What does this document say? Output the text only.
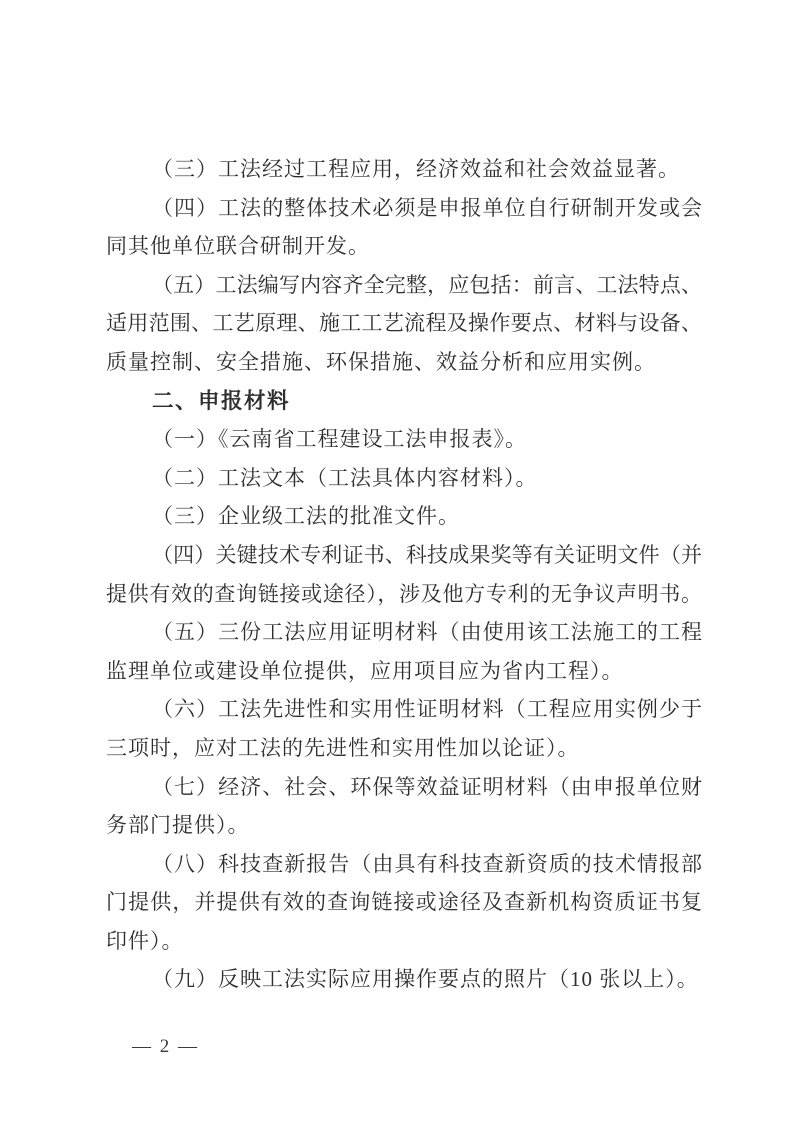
（三）工法经过工程应用，经济效益和社会效益显著。
（四）工法的整体技术必须是申报单位自行研制开发或会
同其他单位联合研制开发。
（五）工法编写内容齐全完整，应包括：前言、工法特点、
适用范围、工艺原理、施工工艺流程及操作要点、材料与设备、
质量控制、安全措施、环保措施、效益分析和应用实例。
二、申报材料
（一）《云南省工程建设工法申报表》。
（二）工法文本（工法具体内容材料）。
（三）企业级工法的批准文件。
（四）关键技术专利证书、科技成果奖等有关证明文件（并
提供有效的查询链接或途径），涉及他方专利的无争议声明书。
（五）三份工法应用证明材料（由使用该工法施工的工程
监理单位或建设单位提供，应用项目应为省内工程）。
（六）工法先进性和实用性证明材料（工程应用实例少于
三项时，应对工法的先进性和实用性加以论证）。
（七）经济、社会、环保等效益证明材料（由申报单位财
务部门提供）。
（八）科技查新报告（由具有科技查新资质的技术情报部
门提供，并提供有效的查询链接或途径及查新机构资质证书复
印件）。
（九）反映工法实际应用操作要点的照片（10 张以上）。
— 2 —
